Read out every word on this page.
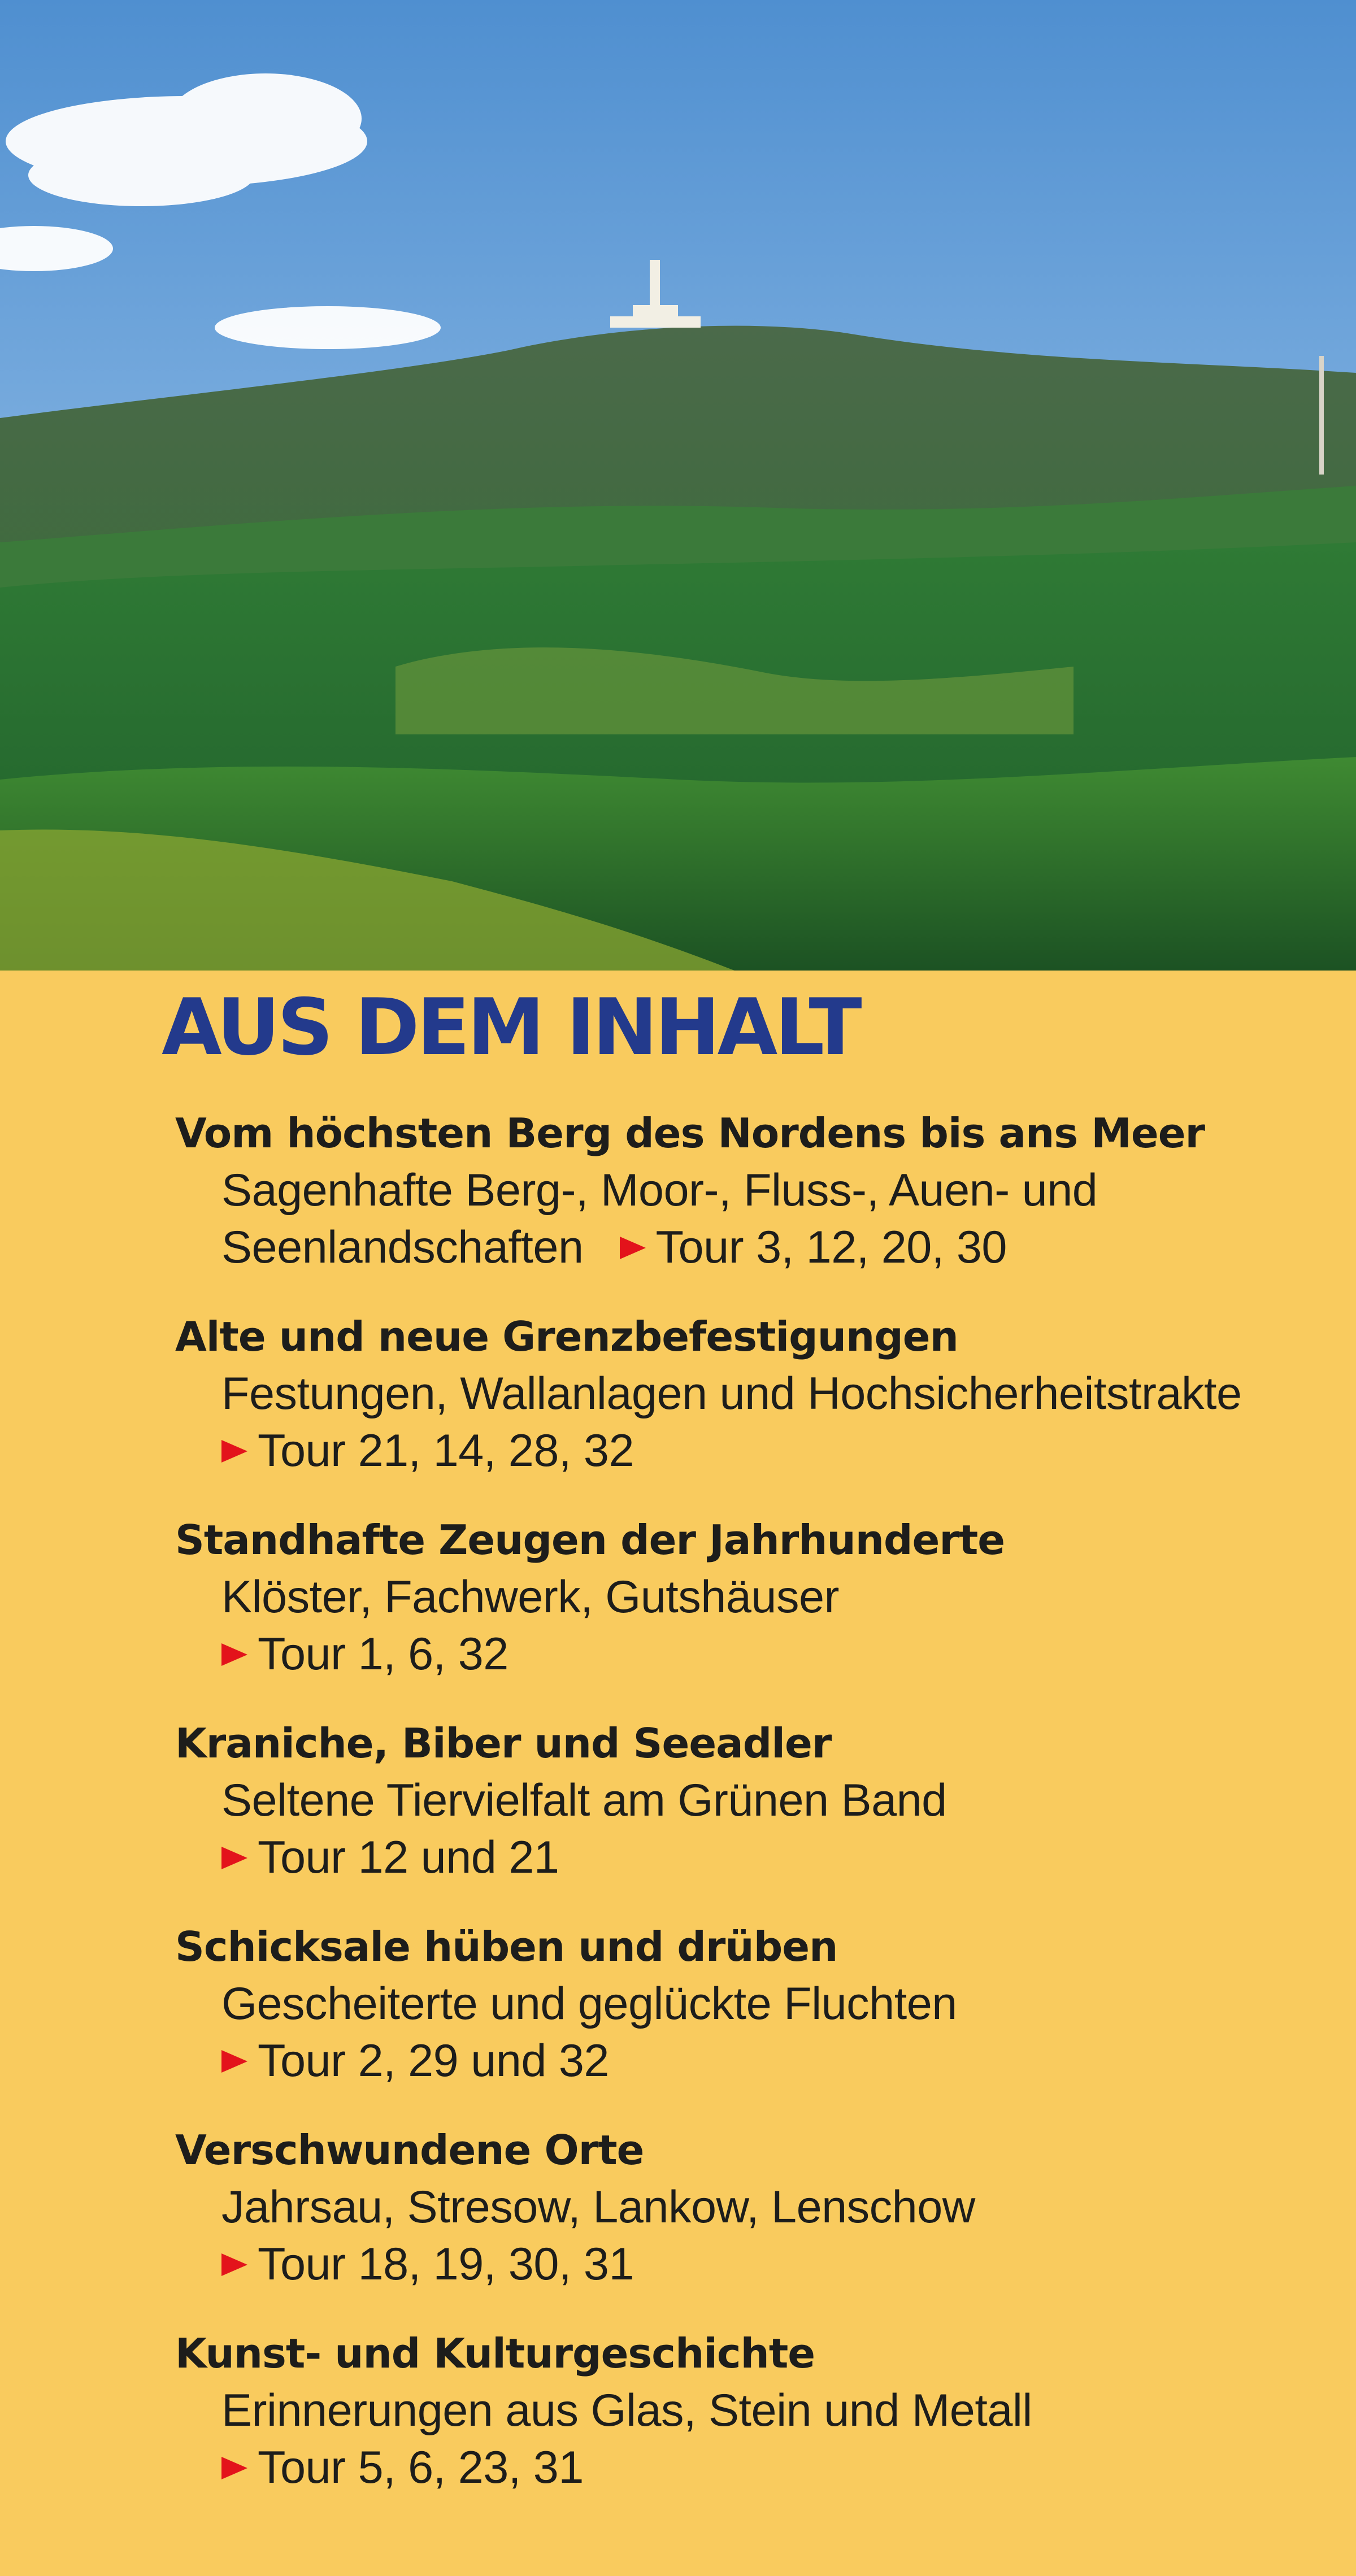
AUS DEM INHALT
Vom höchsten Berg des Nordens bis ans Meer
Sagenhafte Berg-, Moor-, Fluss-, Auen- und
Seenlandschaften Tour 3, 12, 20, 30
Alte und neue Grenzbefestigungen
Festungen, Wallanlagen und Hochsicherheitstrakte
Tour 21, 14, 28, 32
Standhafte Zeugen der Jahrhunderte
Klöster, Fachwerk, Gutshäuser
Tour 1, 6, 32
Kraniche, Biber und Seeadler
Seltene Tiervielfalt am Grünen Band
Tour 12 und 21
Schicksale hüben und drüben
Gescheiterte und geglückte Fluchten
Tour 2, 29 und 32
Verschwundene Orte
Jahrsau, Stresow, Lankow, Lenschow
Tour 18, 19, 30, 31
Kunst- und Kulturgeschichte
Erinnerungen aus Glas, Stein und Metall
Tour 5, 6, 23, 31
